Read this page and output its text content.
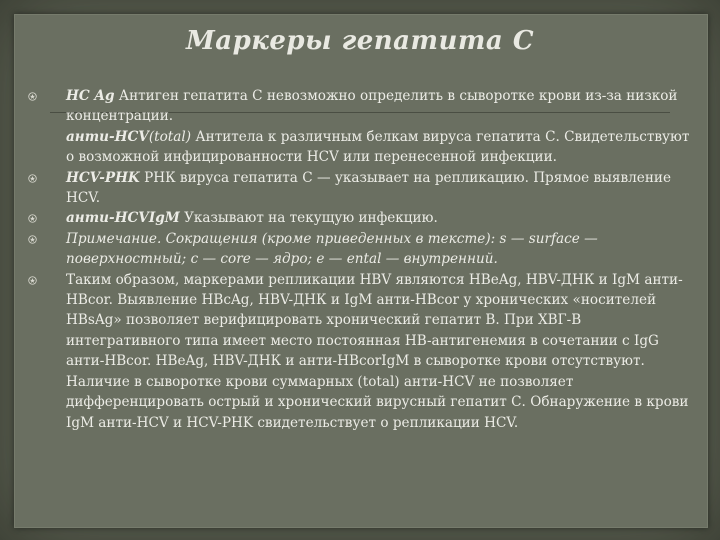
Маркеры гепатита С

HC Ag Антиген гепатита С невозможно определить в сыворотке крови из-за низкой концентрации.
анти-HCV(total) Антитела к различным белкам вируса гепатита С. Свидетельствуют о возможной инфицированности HCV или перенесенной инфекции.

HCV-PHK РНК вируса гепатита С — указывает на репликацию. Прямое выявление HCV.

анти-HCVIgM Указывают на текущую инфекцию.

Примечание. Сокращения (кроме приведенных в тексте): s — surface — поверхностный; с — core — ядро; е — ental — внутренний.

Таким образом, маркерами репликации HBV являются HBeAg, HBV-ДНК и IgM анти-HBcor. Выявление HBcAg, HBV-ДНК и IgM анти-HBcor у хронических «носителей HBsAg» позволяет верифицировать хронический гепатит В. При ХВГ-В интегративного типа имеет место постоянная HB-антигенемия в сочетании с IgG анти-HBcor. HBeAg, HBV-ДНК и анти-HBcorIgM в сыворотке крови отсутствуют.
Наличие в сыворотке крови суммарных (total) анти-HCV не позволяет дифференцировать острый и хронический вирусный гепатит С. Обнаружение в крови IgM анти-HCV и HCV-PHK свидетельствует о репликации HCV.
